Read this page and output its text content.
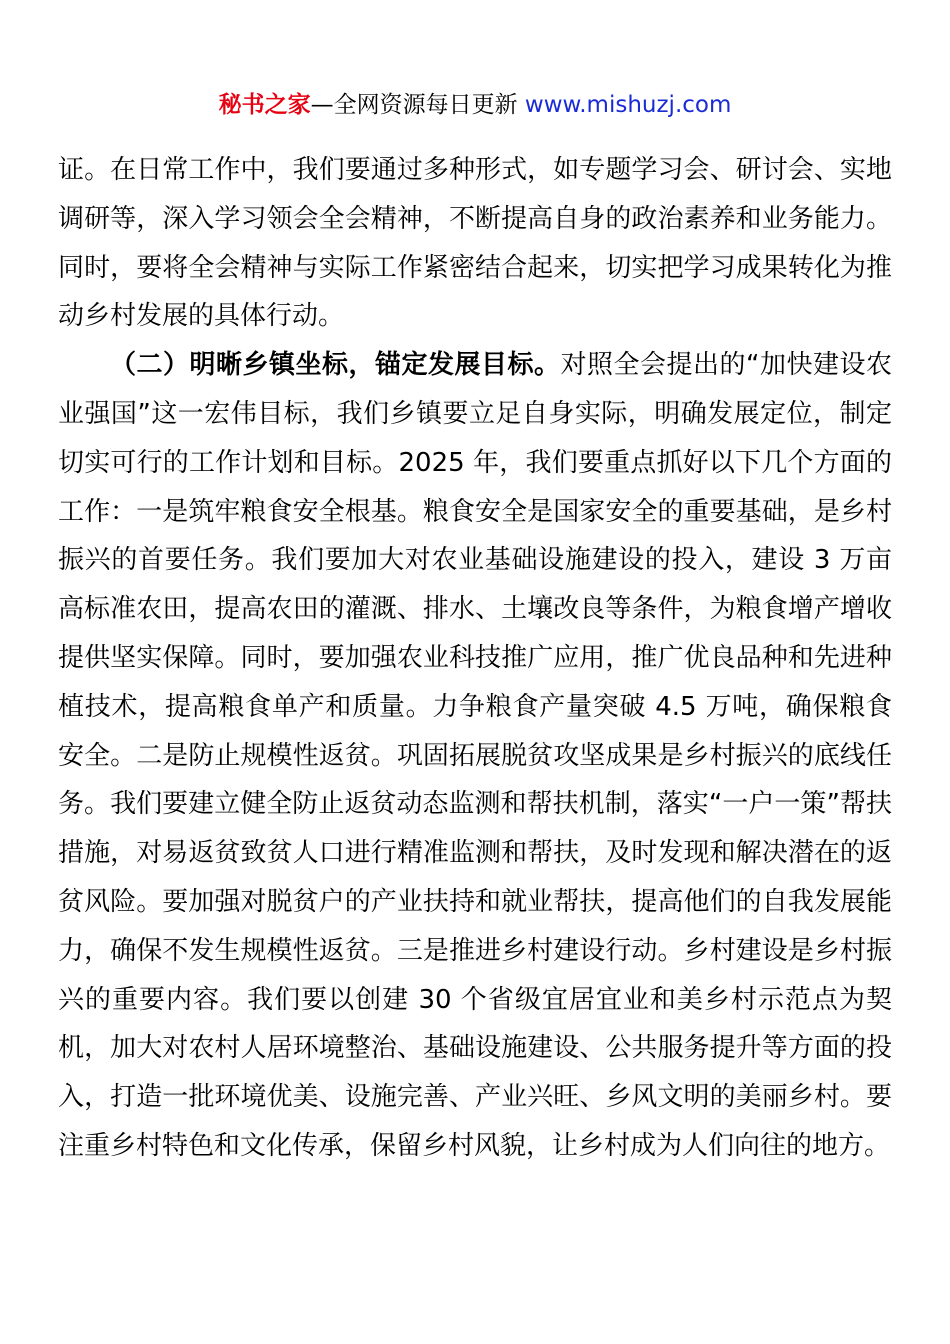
秘书之家—全网资源每日更新 www.mishuzj.com

证。在日常工作中，我们要通过多种形式，如专题学习会、研讨会、实地调研等，深入学习领会全会精神，不断提高自身的政治素养和业务能力。同时，要将全会精神与实际工作紧密结合起来，切实把学习成果转化为推动乡村发展的具体行动。

（二）明晰乡镇坐标，锚定发展目标。对照全会提出的“加快建设农业强国”这一宏伟目标，我们乡镇要立足自身实际，明确发展定位，制定切实可行的工作计划和目标。2025 年，我们要重点抓好以下几个方面的工作：一是筑牢粮食安全根基。粮食安全是国家安全的重要基础，是乡村振兴的首要任务。我们要加大对农业基础设施建设的投入，建设 3 万亩高标准农田，提高农田的灌溉、排水、土壤改良等条件，为粮食增产增收提供坚实保障。同时，要加强农业科技推广应用，推广优良品种和先进种植技术，提高粮食单产和质量。力争粮食产量突破 4.5 万吨，确保粮食安全。二是防止规模性返贫。巩固拓展脱贫攻坚成果是乡村振兴的底线任务。我们要建立健全防止返贫动态监测和帮扶机制，落实“一户一策”帮扶措施，对易返贫致贫人口进行精准监测和帮扶，及时发现和解决潜在的返贫风险。要加强对脱贫户的产业扶持和就业帮扶，提高他们的自我发展能力，确保不发生规模性返贫。三是推进乡村建设行动。乡村建设是乡村振兴的重要内容。我们要以创建 30 个省级宜居宜业和美乡村示范点为契机，加大对农村人居环境整治、基础设施建设、公共服务提升等方面的投入，打造一批环境优美、设施完善、产业兴旺、乡风文明的美丽乡村。要注重乡村特色和文化传承，保留乡村风貌，让乡村成为人们向往的地方。
